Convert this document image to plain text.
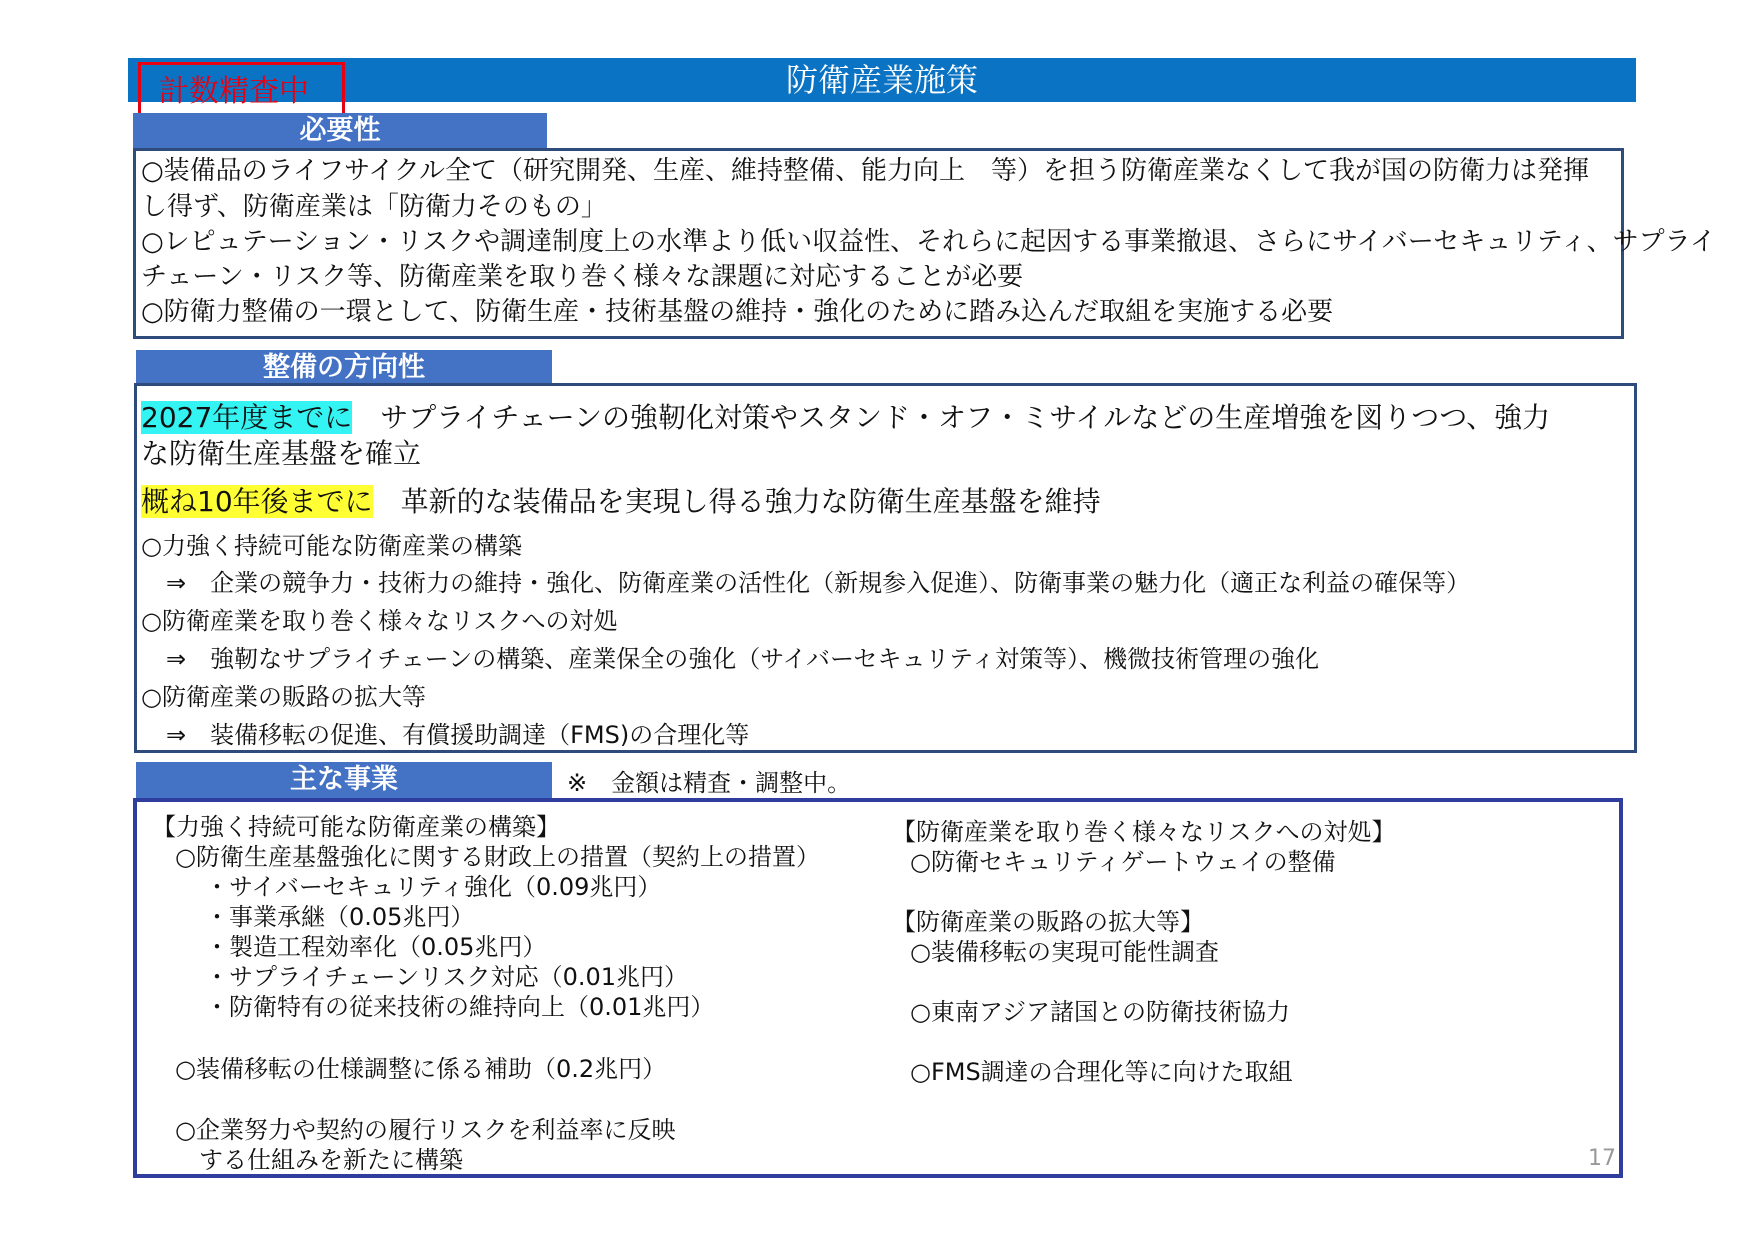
防衛産業施策
計数精査中
必要性
○装備品のライフサイクル全て（研究開発、生産、維持整備、能力向上　等）を担う防衛産業なくして我が国の防衛力は発揮
し得ず、防衛産業は「防衛力そのもの」
○レピュテーション・リスクや調達制度上の水準より低い収益性、それらに起因する事業撤退、さらにサイバーセキュリティ、サプライ
チェーン・リスク等、防衛産業を取り巻く様々な課題に対応することが必要
○防衛力整備の一環として、防衛生産・技術基盤の維持・強化のために踏み込んだ取組を実施する必要
整備の方向性
2027年度までに　サプライチェーンの強靭化対策やスタンド・オフ・ミサイルなどの生産増強を図りつつ、強力
な防衛生産基盤を確立
概ね10年後までに　革新的な装備品を実現し得る強力な防衛生産基盤を維持
○力強く持続可能な防衛産業の構築
⇒　企業の競争力・技術力の維持・強化、防衛産業の活性化（新規参入促進）、防衛事業の魅力化（適正な利益の確保等）
○防衛産業を取り巻く様々なリスクへの対処
⇒　強靭なサプライチェーンの構築、産業保全の強化（サイバーセキュリティ対策等）、機微技術管理の強化
○防衛産業の販路の拡大等
⇒　装備移転の促進、有償援助調達（FMS)の合理化等
主な事業	※　金額は精査・調整中。
【力強く持続可能な防衛産業の構築】
○防衛生産基盤強化に関する財政上の措置（契約上の措置）
・サイバーセキュリティ強化（0.09兆円）
・事業承継（0.05兆円）
・製造工程効率化（0.05兆円）
・サプライチェーンリスク対応（0.01兆円）
・防衛特有の従来技術の維持向上（0.01兆円）
○装備移転の仕様調整に係る補助（0.2兆円）
○企業努力や契約の履行リスクを利益率に反映
する仕組みを新たに構築
【防衛産業を取り巻く様々なリスクへの対処】
○防衛セキュリティゲートウェイの整備
【防衛産業の販路の拡大等】
○装備移転の実現可能性調査
○東南アジア諸国との防衛技術協力
○FMS調達の合理化等に向けた取組
17
